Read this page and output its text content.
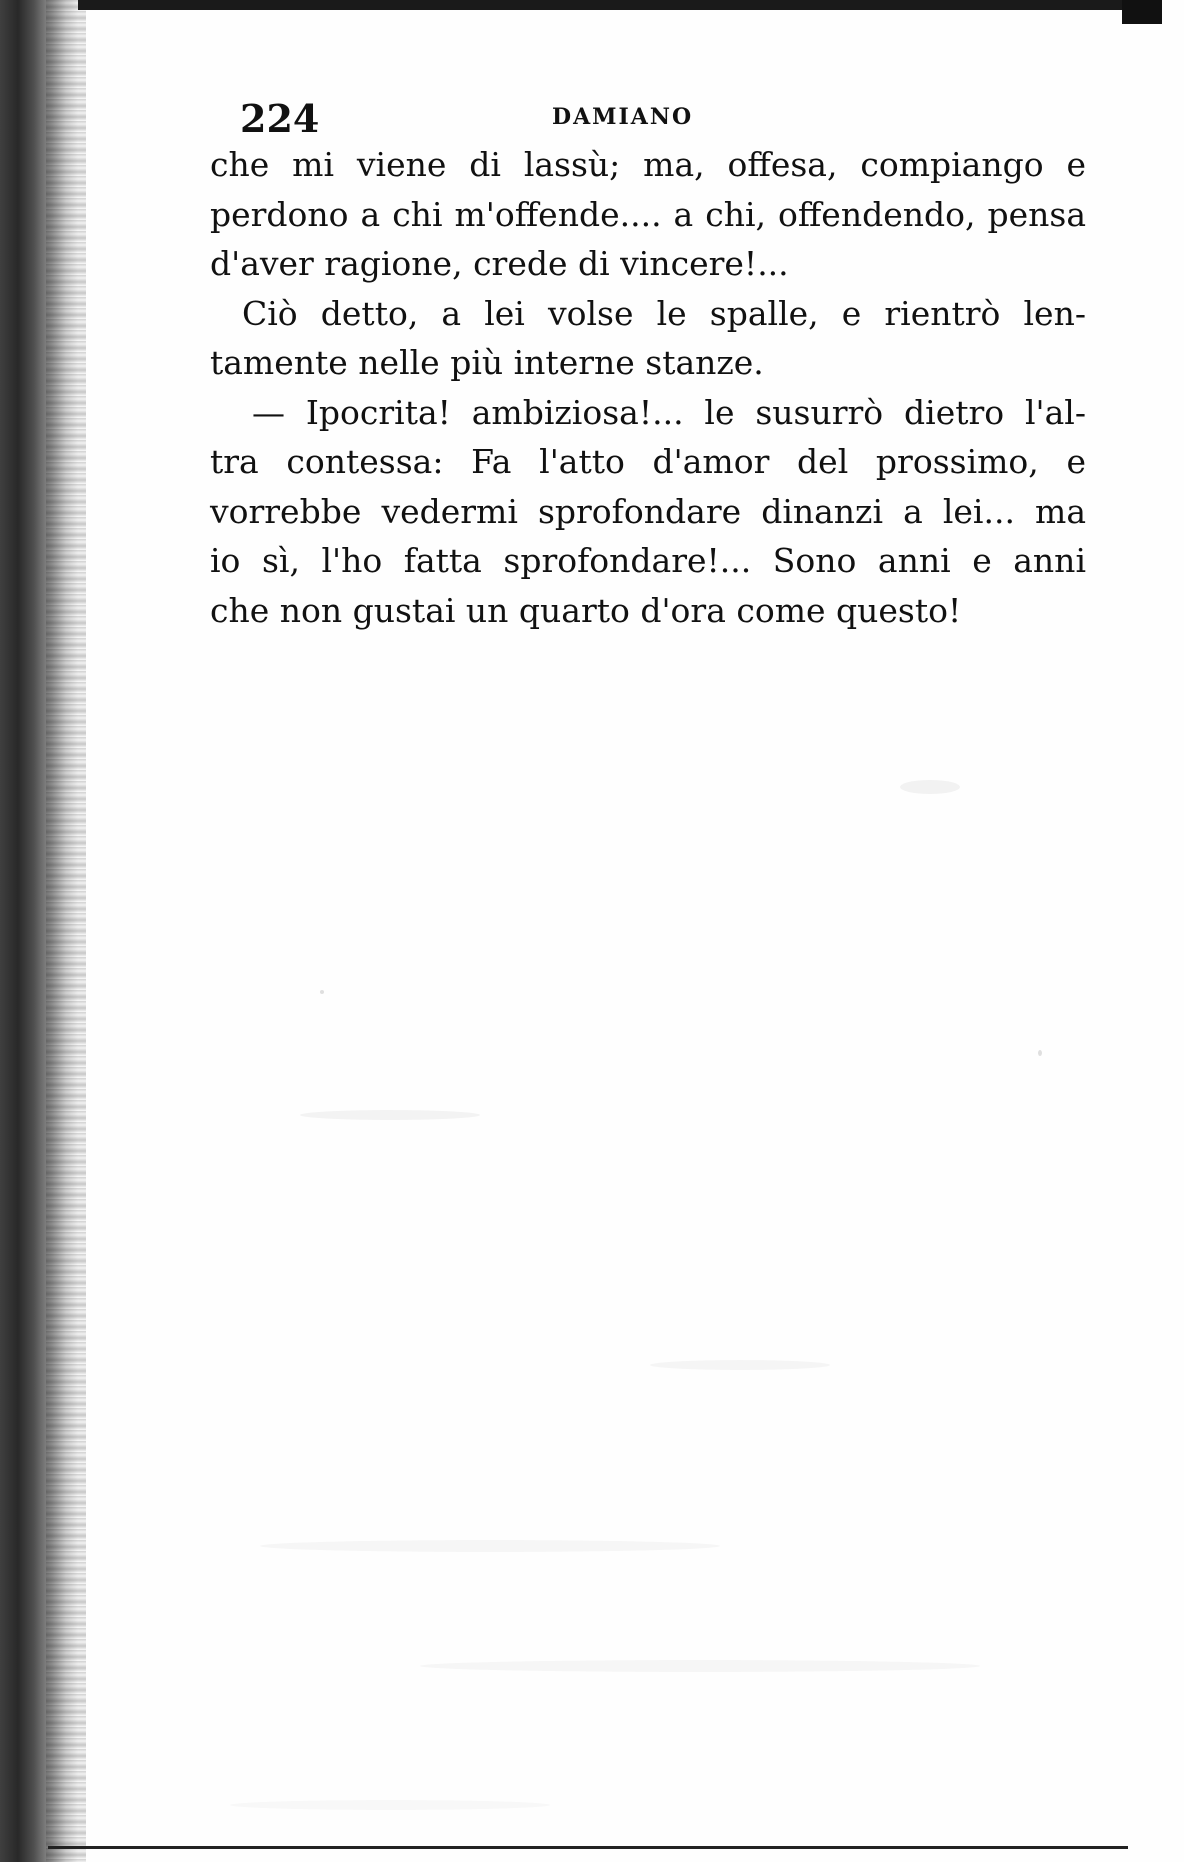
224	DAMIANO
che mi viene di lassù; ma, offesa, compiango e
perdono a chi m'offende.... a chi, offendendo, pensa
d'aver ragione, crede di vincere!...
Ciò detto, a lei volse le spalle, e rientrò len-
tamente nelle più interne stanze.
— Ipocrita! ambiziosa!... le susurrò dietro l'al-
tra contessa: Fa l'atto d'amor del prossimo, e
vorrebbe vedermi sprofondare dinanzi a lei... ma
io sì, l'ho fatta sprofondare!... Sono anni e anni
che non gustai un quarto d'ora come questo!
